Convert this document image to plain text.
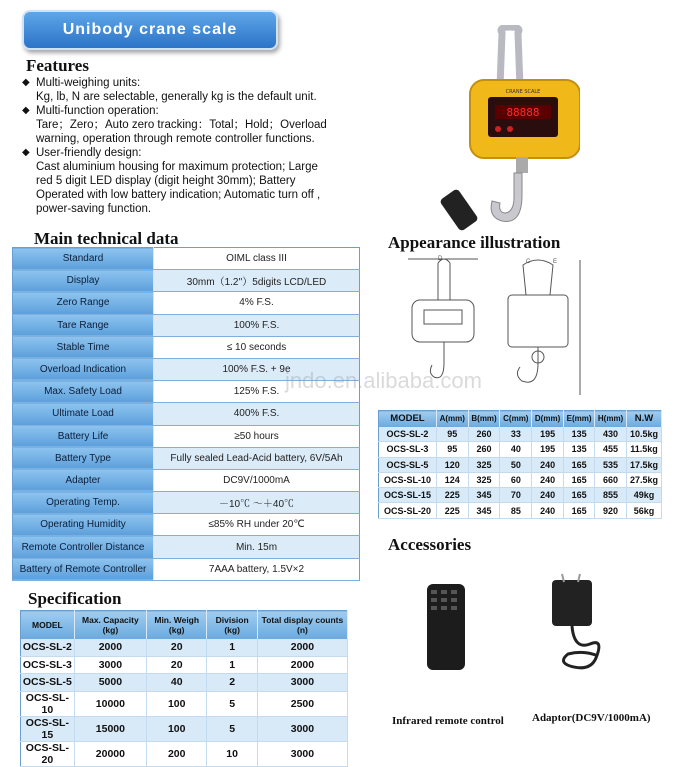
Unibody crane scale
Features
◆ Multi-weighing units:
Kg, lb, N are selectable, generally kg is the default unit.
◆ Multi-function operation:
Tare；Zero；Auto zero tracking：Total；Hold；Overload
warning, operation through remote controller functions.
◆ User-friendly design:
Cast aluminium housing for maximum protection; Large
red 5 digit LED display (digit height 30mm); Battery
Operated with low battery indication; Automatic turn off ,
power-saving function.
Main technical data
Standard	OIML class III
Display	30mm（1.2''）5digits LCD/LED
Zero Range	4% F.S.
Tare Range	100% F.S.
Stable Time	≤ 10 seconds
Overload Indication	100% F.S. + 9e
Max. Safety Load	125% F.S.
Ultimate Load	400% F.S.
Battery Life	≥50 hours
Battery Type	Fully sealed Lead-Acid battery, 6V/5Ah
Adapter	DC9V/1000mA
Operating Temp.	－10℃ ～＋40℃
Operating Humidity	≤85% RH under 20℃
Remote Controller Distance	Min. 15m
Battery of Remote Controller	7AAA battery, 1.5V×2
Specification
MODEL	Max. Capacity (kg)	Min. Weigh (kg)	Division (kg)	Total display counts (n)
OCS-SL-2	2000	20	1	2000
OCS-SL-3	3000	20	1	2000
OCS-SL-5	5000	40	2	3000
OCS-SL-10	10000	100	5	2500
OCS-SL-15	15000	100	5	3000
OCS-SL-20	20000	200	10	3000
CRANE SCALE
88888
Appearance illustration
D	C	E
jndo.en.alibaba.com
MODEL	A(mm)	B(mm)	C(mm)	D(mm)	E(mm)	H(mm)	N.W
OCS-SL-2	95	260	33	195	135	430	10.5kg
OCS-SL-3	95	260	40	195	135	455	11.5kg
OCS-SL-5	120	325	50	240	165	535	17.5kg
OCS-SL-10	124	325	60	240	165	660	27.5kg
OCS-SL-15	225	345	70	240	165	855	49kg
OCS-SL-20	225	345	85	240	165	920	56kg
Accessories
Infrared remote control	Adaptor(DC9V/1000mA)
